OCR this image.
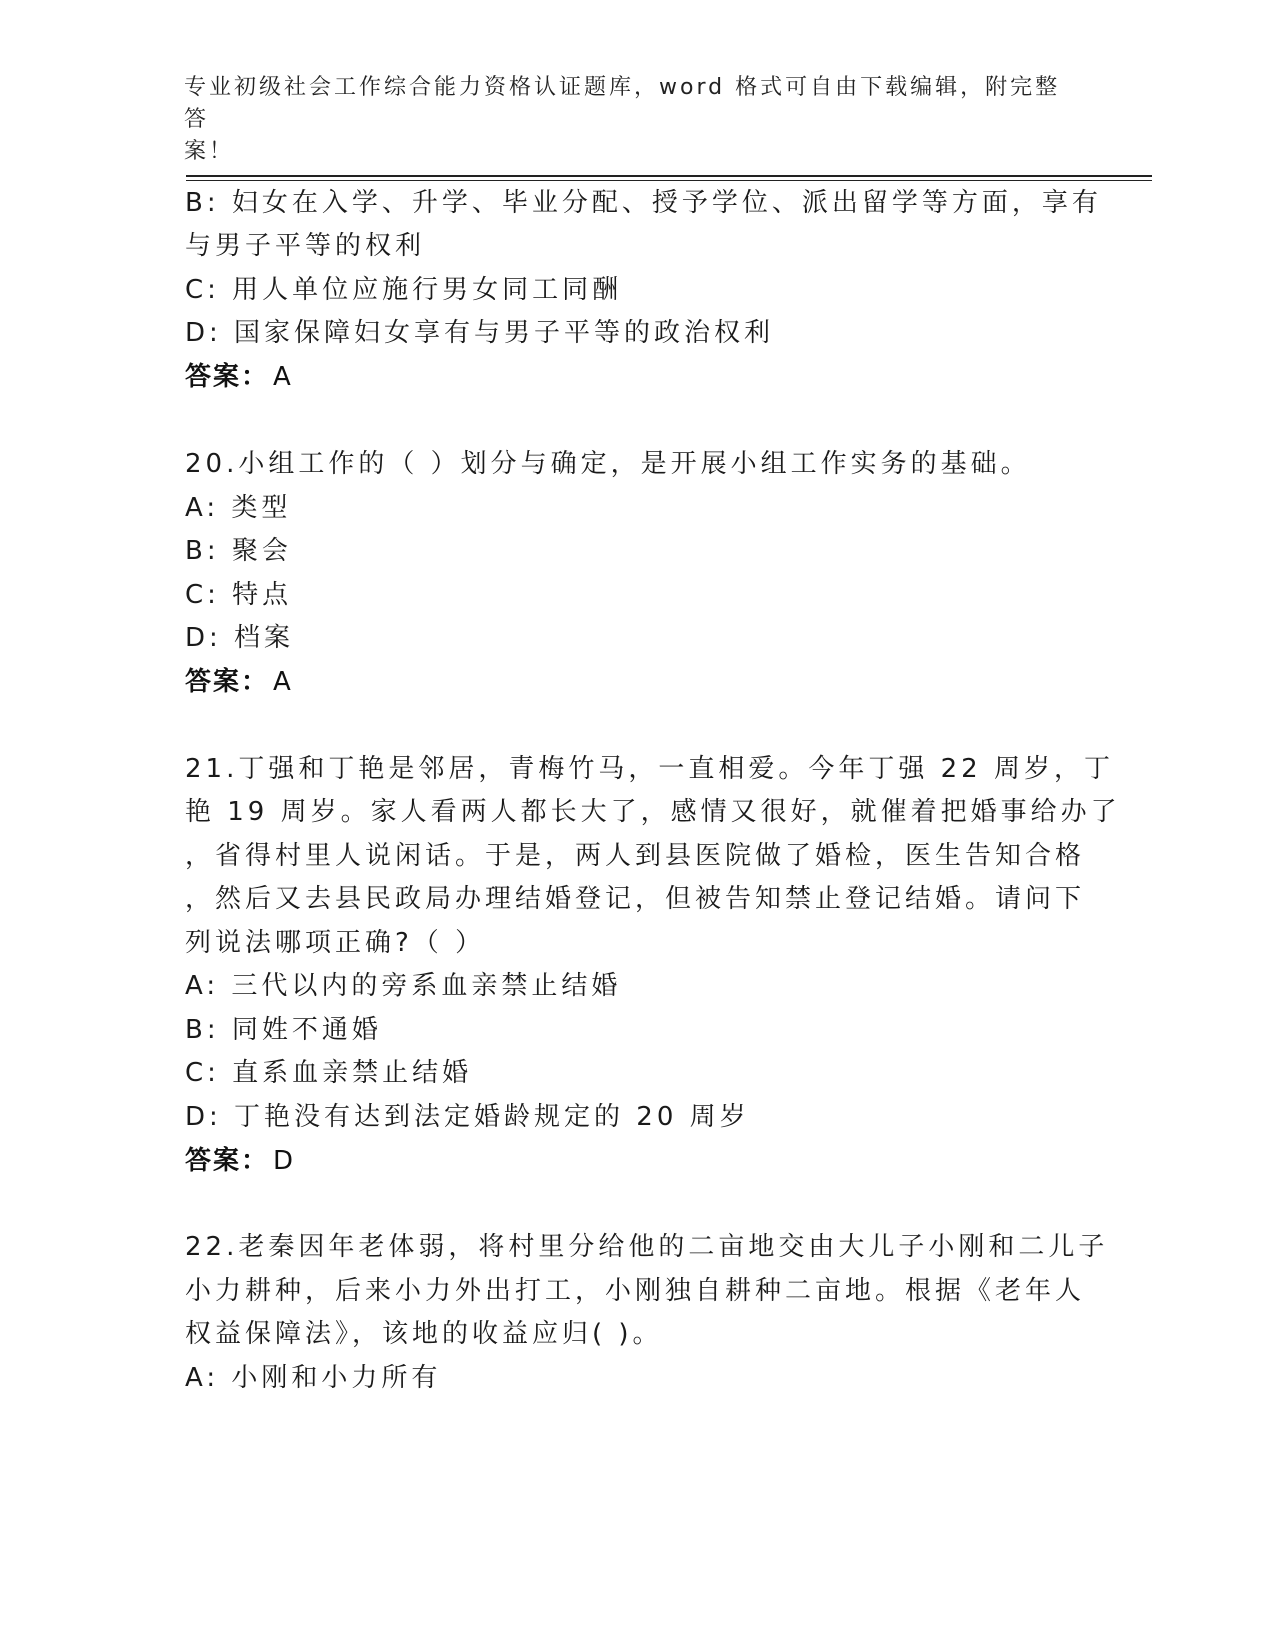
专业初级社会工作综合能力资格认证题库，word 格式可自由下载编辑，附完整答
案！
B: 妇女在入学、升学、毕业分配、授予学位、派出留学等方面，享有
与男子平等的权利
C: 用人单位应施行男女同工同酬
D: 国家保障妇女享有与男子平等的政治权利
答案： A
20.小组工作的（ ）划分与确定，是开展小组工作实务的基础。
A: 类型
B: 聚会
C: 特点
D: 档案
答案： A
21.丁强和丁艳是邻居，青梅竹马，一直相爱。今年丁强 22 周岁，丁
艳 19 周岁。家人看两人都长大了，感情又很好，就催着把婚事给办了
，省得村里人说闲话。于是，两人到县医院做了婚检，医生告知合格
，然后又去县民政局办理结婚登记，但被告知禁止登记结婚。请问下
列说法哪项正确?（ ）
A: 三代以内的旁系血亲禁止结婚
B: 同姓不通婚
C: 直系血亲禁止结婚
D: 丁艳没有达到法定婚龄规定的 20 周岁
答案： D
22.老秦因年老体弱，将村里分给他的二亩地交由大儿子小刚和二儿子
小力耕种，后来小力外出打工，小刚独自耕种二亩地。根据《老年人
权益保障法》，该地的收益应归( )。
A: 小刚和小力所有
